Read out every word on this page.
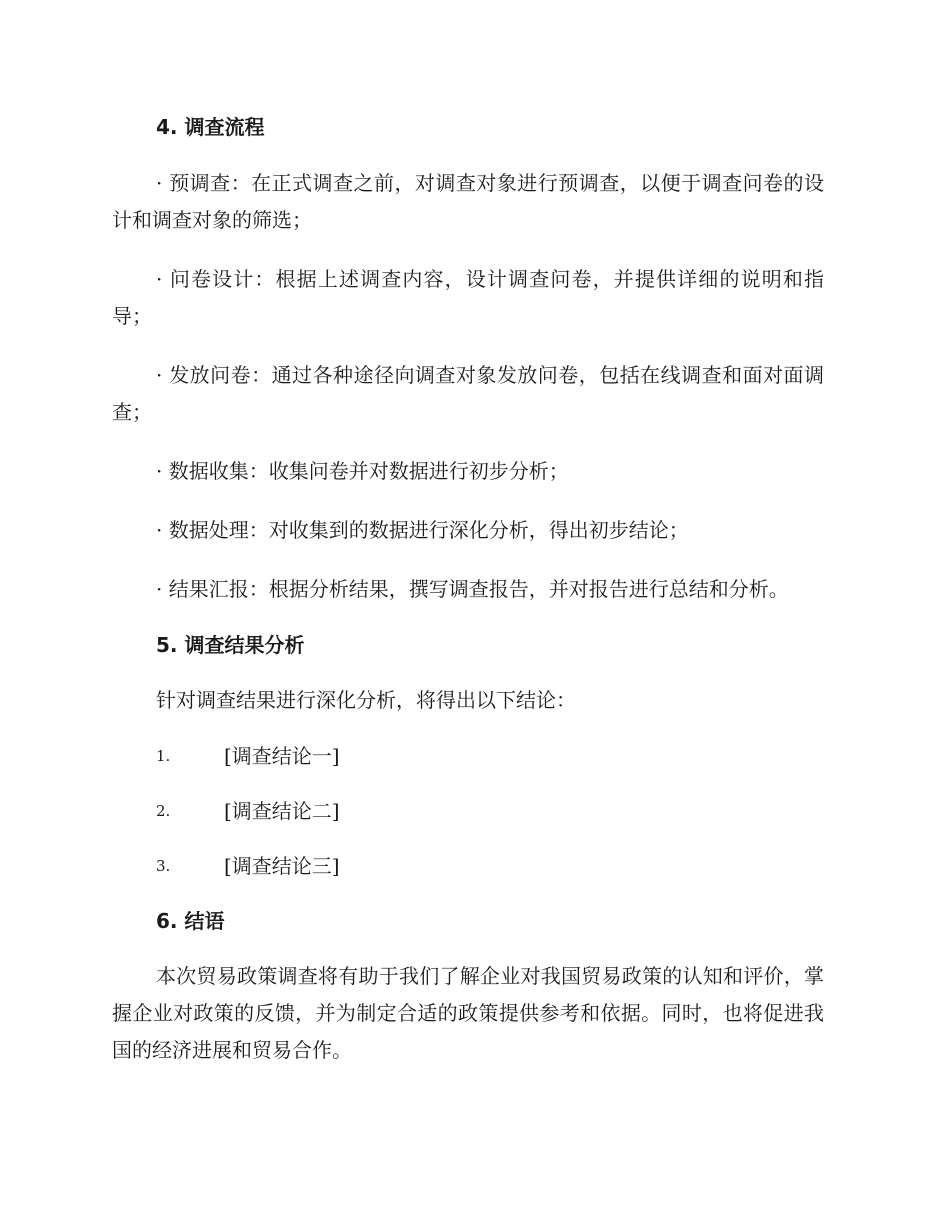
4. 调查流程

· 预调查：在正式调查之前，对调查对象进行预调查，以便于调查问卷的设计和调查对象的筛选；

· 问卷设计：根据上述调查内容，设计调查问卷，并提供详细的说明和指导；

· 发放问卷：通过各种途径向调查对象发放问卷，包括在线调查和面对面调查；

· 数据收集：收集问卷并对数据进行初步分析；

· 数据处理：对收集到的数据进行深化分析，得出初步结论；

· 结果汇报：根据分析结果，撰写调查报告，并对报告进行总结和分析。

5. 调查结果分析

针对调查结果进行深化分析，将得出以下结论：

1.	[调查结论一]
2.	[调查结论二]
3.	[调查结论三]

6. 结语

本次贸易政策调查将有助于我们了解企业对我国贸易政策的认知和评价，掌握企业对政策的反馈，并为制定合适的政策提供参考和依据。同时，也将促进我国的经济进展和贸易合作。
